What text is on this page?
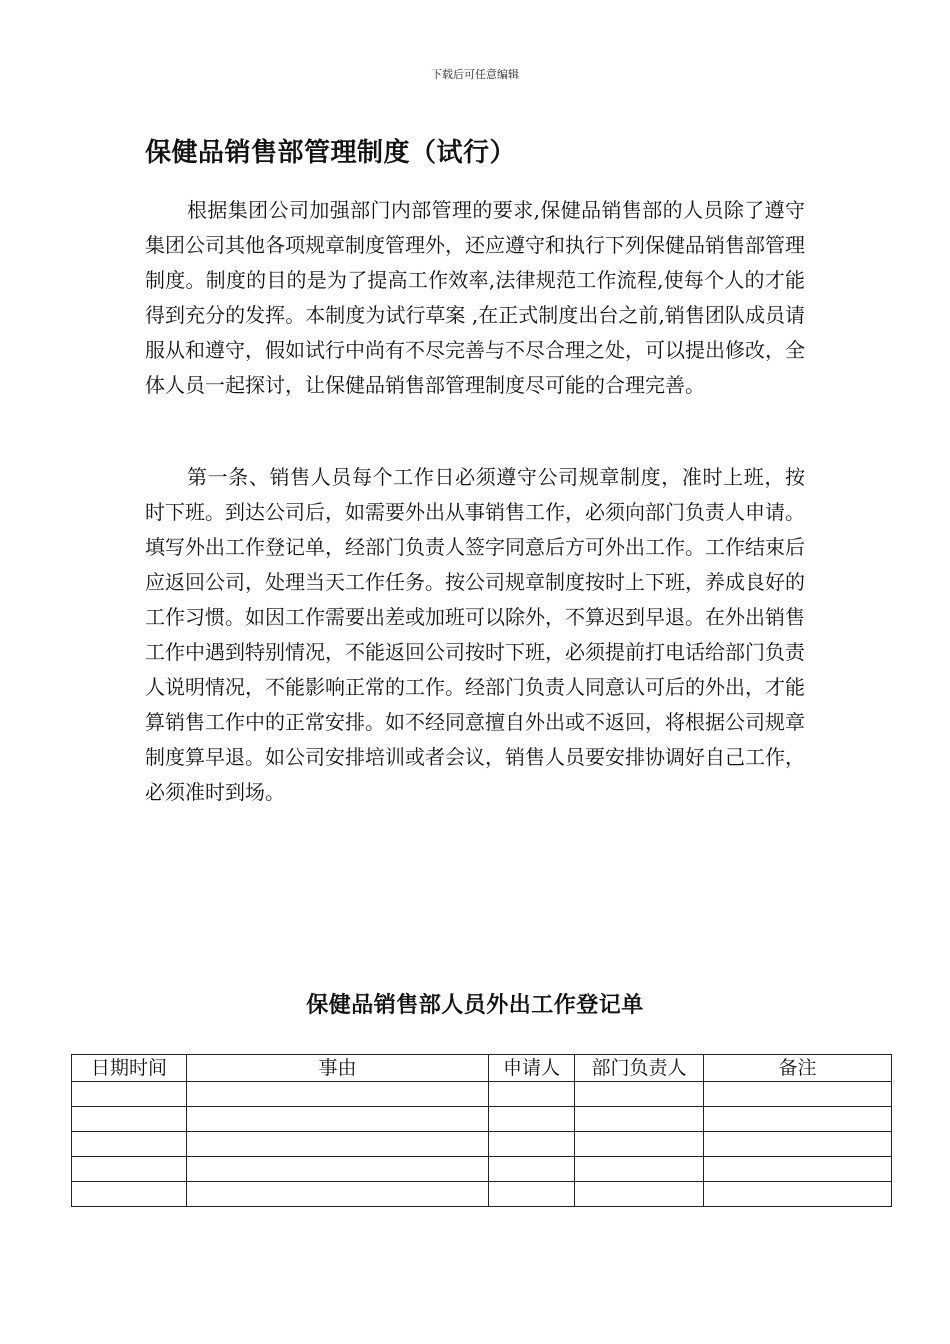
下载后可任意编辑
保健品销售部管理制度（试行）

根据集团公司加强部门内部管理的要求,保健品销售部的人员除了遵守集团公司其他各项规章制度管理外，还应遵守和执行下列保健品销售部管理制度。制度的目的是为了提高工作效率,法律规范工作流程,使每个人的才能得到充分的发挥。本制度为试行草案 ,在正式制度出台之前,销售团队成员请服从和遵守，假如试行中尚有不尽完善与不尽合理之处，可以提出修改，全体人员一起探讨，让保健品销售部管理制度尽可能的合理完善。

第一条、销售人员每个工作日必须遵守公司规章制度，准时上班，按时下班。到达公司后，如需要外出从事销售工作，必须向部门负责人申请。填写外出工作登记单，经部门负责人签字同意后方可外出工作。工作结束后应返回公司，处理当天工作任务。按公司规章制度按时上下班，养成良好的工作习惯。如因工作需要出差或加班可以除外，不算迟到早退。在外出销售工作中遇到特别情况，不能返回公司按时下班，必须提前打电话给部门负责人说明情况，不能影响正常的工作。经部门负责人同意认可后的外出，才能算销售工作中的正常安排。如不经同意擅自外出或不返回，将根据公司规章制度算早退。如公司安排培训或者会议，销售人员要安排协调好自己工作，必须准时到场。

保健品销售部人员外出工作登记单
日期时间	事由	申请人	部门负责人	备注
